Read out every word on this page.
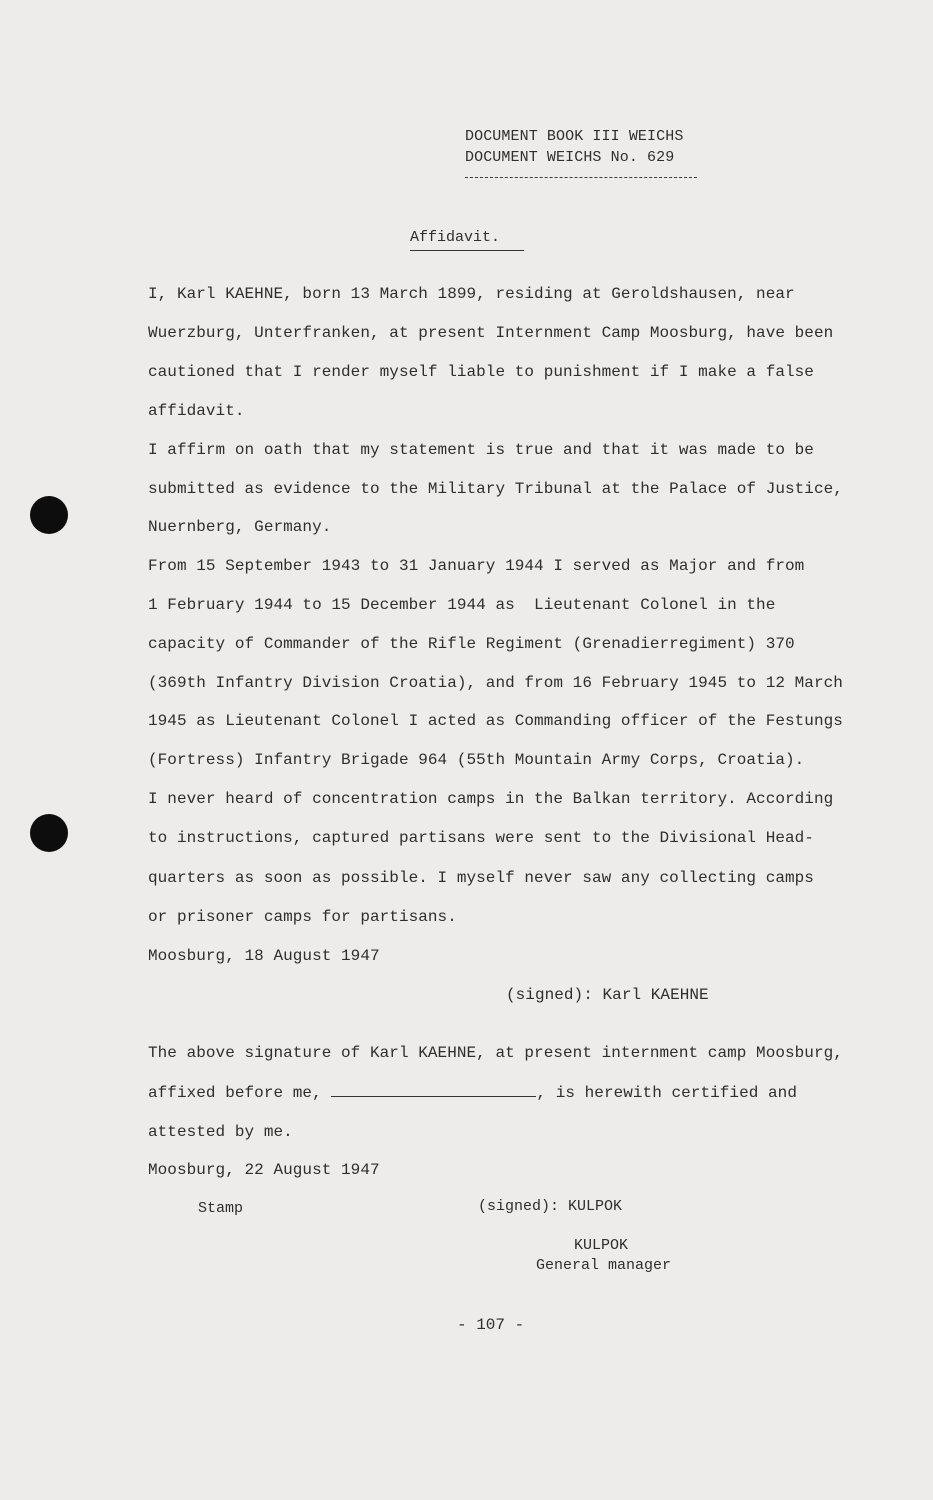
DOCUMENT BOOK III WEICHS
DOCUMENT WEICHS No. 629
Affidavit.
I, Karl KAEHNE, born 13 March 1899, residing at Geroldshausen, near
Wuerzburg, Unterfranken, at present Internment Camp Moosburg, have been
cautioned that I render myself liable to punishment if I make a false
affidavit.
I affirm on oath that my statement is true and that it was made to be
submitted as evidence to the Military Tribunal at the Palace of Justice,
Nuernberg, Germany.
From 15 September 1943 to 31 January 1944 I served as Major and from
1 February 1944 to 15 December 1944 as  Lieutenant Colonel in the
capacity of Commander of the Rifle Regiment (Grenadierregiment) 370
(369th Infantry Division Croatia), and from 16 February 1945 to 12 March
1945 as Lieutenant Colonel I acted as Commanding officer of the Festungs
(Fortress) Infantry Brigade 964 (55th Mountain Army Corps, Croatia).
I never heard of concentration camps in the Balkan territory. According
to instructions, captured partisans were sent to the Divisional Head-
quarters as soon as possible. I myself never saw any collecting camps
or prisoner camps for partisans.
Moosburg, 18 August 1947
(signed): Karl KAEHNE
The above signature of Karl KAEHNE, at present internment camp Moosburg,
affixed before me,	, is herewith certified and
attested by me.
Moosburg, 22 August 1947
Stamp	(signed): KULPOK
KULPOK
General manager
- 107 -
